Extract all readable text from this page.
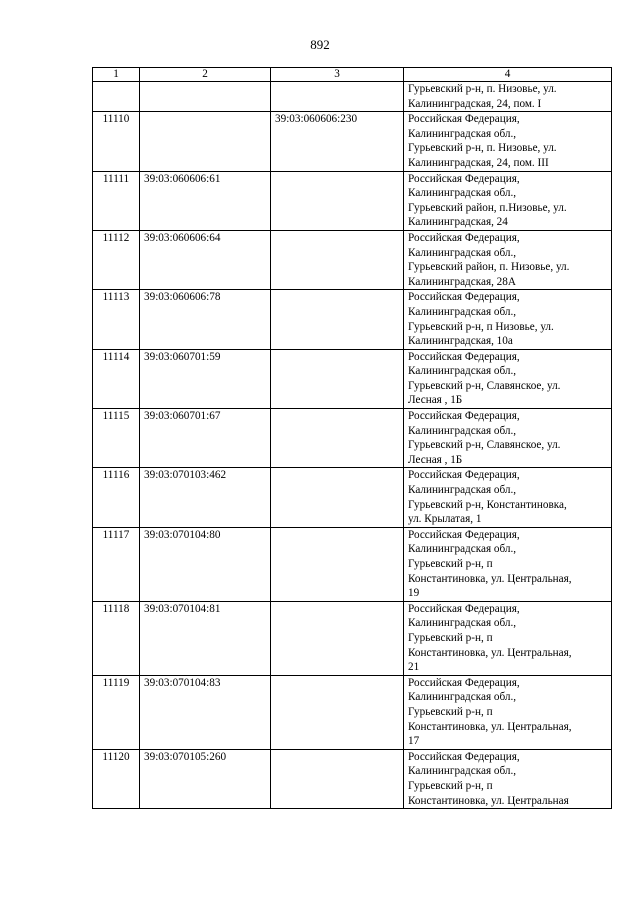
892
1	2	3	4

			Гурьевский р-н, п. Низовье, ул.
Калининградская, 24, пом. I

11110		39:03:060606:230	Российская Федерация,
Калининградская обл.,
Гурьевский р-н, п. Низовье, ул.
Калининградская, 24, пом. III

11111	39:03:060606:61		Российская Федерация,
Калининградская обл.,
Гурьевский район, п.Низовье, ул.
Калининградская, 24

11112	39:03:060606:64		Российская Федерация,
Калининградская обл.,
Гурьевский район, п. Низовье, ул.
Калининградская, 28А

11113	39:03:060606:78		Российская Федерация,
Калининградская обл.,
Гурьевский р-н, п Низовье, ул.
Калининградская, 10а

11114	39:03:060701:59		Российская Федерация,
Калининградская обл.,
Гурьевский р-н, Славянское, ул.
Лесная , 1Б

11115	39:03:060701:67		Российская Федерация,
Калининградская обл.,
Гурьевский р-н, Славянское, ул.
Лесная , 1Б

11116	39:03:070103:462		Российская Федерация,
Калининградская обл.,
Гурьевский р-н, Константиновка,
ул. Крылатая, 1

11117	39:03:070104:80		Российская Федерация,
Калининградская обл.,
Гурьевский р-н, п
Константиновка, ул. Центральная,
19

11118	39:03:070104:81		Российская Федерация,
Калининградская обл.,
Гурьевский р-н, п
Константиновка, ул. Центральная,
21

11119	39:03:070104:83		Российская Федерация,
Калининградская обл.,
Гурьевский р-н, п
Константиновка, ул. Центральная,
17

11120	39:03:070105:260		Российская Федерация,
Калининградская обл.,
Гурьевский р-н, п
Константиновка, ул. Центральная
